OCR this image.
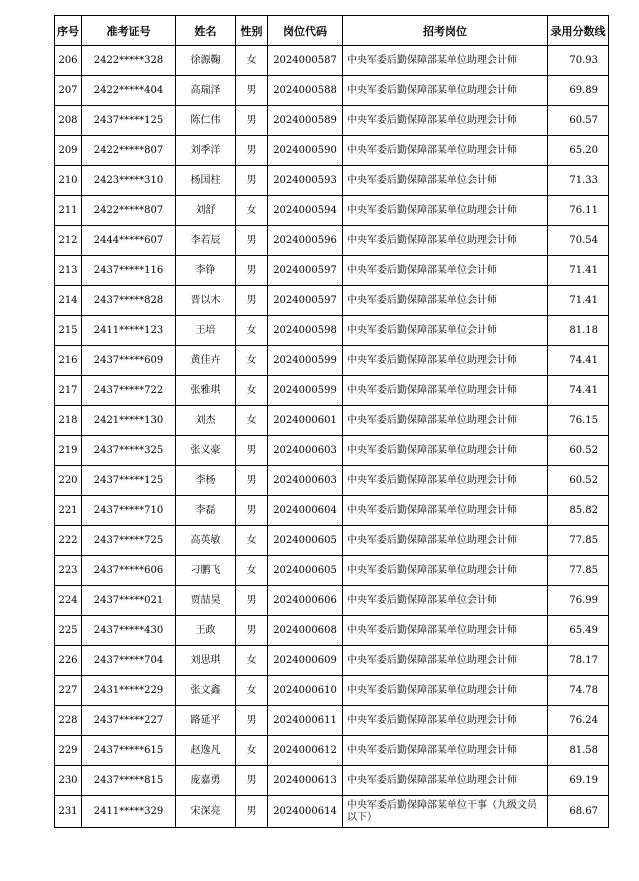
序号	准考证号	姓名	性别	岗位代码	招考岗位	录用分数线
206	2422*****328	徐源鞠	女	2024000587	中央军委后勤保障部某单位助理会计师	70.93
207	2422*****404	高瑞泽	男	2024000588	中央军委后勤保障部某单位助理会计师	69.89
208	2437*****125	陈仁伟	男	2024000589	中央军委后勤保障部某单位助理会计师	60.57
209	2422*****807	刘季洋	男	2024000590	中央军委后勤保障部某单位助理会计师	65.20
210	2423*****310	杨国柱	男	2024000593	中央军委后勤保障部某单位会计师	71.33
211	2422*****807	刘舒	女	2024000594	中央军委后勤保障部某单位助理会计师	76.11
212	2444*****607	李若辰	男	2024000596	中央军委后勤保障部某单位助理会计师	70.54
213	2437*****116	李铮	男	2024000597	中央军委后勤保障部某单位会计师	71.41
214	2437*****828	晋以木	男	2024000597	中央军委后勤保障部某单位会计师	71.41
215	2411*****123	王培	女	2024000598	中央军委后勤保障部某单位会计师	81.18
216	2437*****609	黄佳卉	女	2024000599	中央军委后勤保障部某单位助理会计师	74.41
217	2437*****722	张雅琪	女	2024000599	中央军委后勤保障部某单位助理会计师	74.41
218	2421*****130	刘杰	女	2024000601	中央军委后勤保障部某单位助理会计师	76.15
219	2437*****325	张义豪	男	2024000603	中央军委后勤保障部某单位助理会计师	60.52
220	2437*****125	李杨	男	2024000603	中央军委后勤保障部某单位助理会计师	60.52
221	2437*****710	李磊	男	2024000604	中央军委后勤保障部某单位助理会计师	85.82
222	2437*****725	高英敏	女	2024000605	中央军委后勤保障部某单位助理会计师	77.85
223	2437*****606	刁鹏飞	女	2024000605	中央军委后勤保障部某单位助理会计师	77.85
224	2437*****021	贾喆昊	男	2024000606	中央军委后勤保障部某单位会计师	76.99
225	2437*****430	王政	男	2024000608	中央军委后勤保障部某单位助理会计师	65.49
226	2437*****704	刘思琪	女	2024000609	中央军委后勤保障部某单位助理会计师	78.17
227	2431*****229	张文鑫	女	2024000610	中央军委后勤保障部某单位助理会计师	74.78
228	2437*****227	路延平	男	2024000611	中央军委后勤保障部某单位助理会计师	76.24
229	2437*****615	赵逸凡	女	2024000612	中央军委后勤保障部某单位助理会计师	81.58
230	2437*****815	庞嘉勇	男	2024000613	中央军委后勤保障部某单位助理会计师	69.19
231	2411*****329	宋深亮	男	2024000614	中央军委后勤保障部某单位干事（九级文员以下）	68.67
